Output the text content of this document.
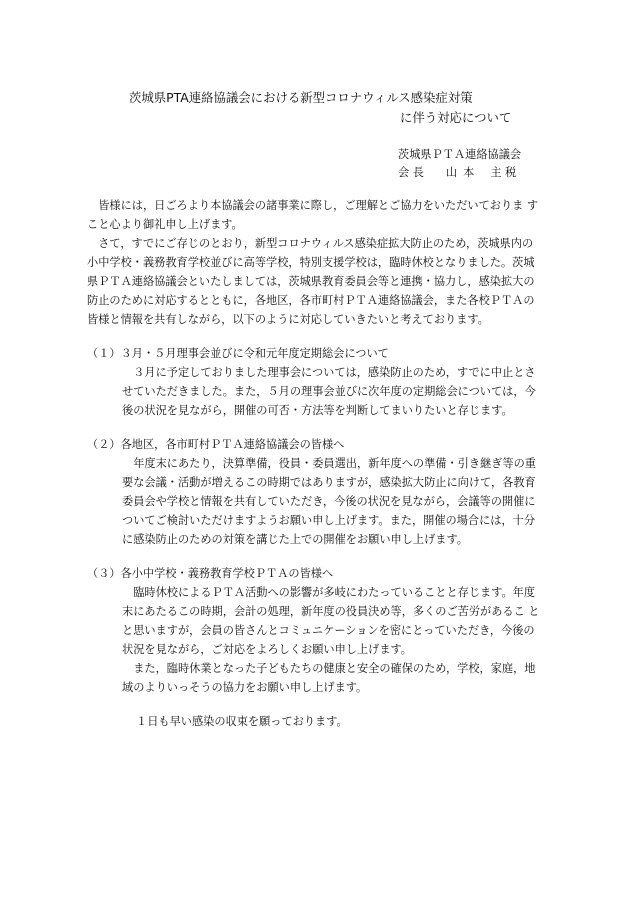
茨城県PTA連絡協議会における新型コロナウィルス感染症対策
に伴う対応について
茨城県ＰＴＡ連絡協議会
会 長 山本 主 税
　皆様には，日ごろより本協議会の諸事業に際し，ご理解とご協力をいただいておりま す
こと心より御礼申し上げます。
　さて，すでにご存じのとおり，新型コロナウィルス感染症拡大防止のため，茨城県内の
小中学校・義務教育学校並びに高等学校，特別支援学校は，臨時休校となりました。茨城
県ＰＴＡ連絡協議会といたしましては，茨城県教育委員会等と連携・協力し，感染拡大の
防止のために対応するとともに，各地区，各市町村ＰＴＡ連絡協議会，また各校ＰＴＡの
皆様と情報を共有しながら，以下のように対応していきたいと考えております。
（１）３月・５月理事会並びに令和元年度定期総会について
　３月に予定しておりました理事会については，感染防止のため，すでに中止とさ
せていただきました。また，５月の理事会並びに次年度の定期総会については，今
後の状況を見ながら，開催の可否・方法等を判断してまいりたいと存じます。
（２）各地区，各市町村ＰＴＡ連絡協議会の皆様へ
　年度末にあたり，決算準備，役員・委員選出，新年度への準備・引き継ぎ等の重
要な会議・活動が増えるこの時期ではありますが，感染拡大防止に向けて，各教育
委員会や学校と情報を共有していただき，今後の状況を見ながら，会議等の開催に
ついてご検討いただけますようお願い申し上げます。また，開催の場合には，十分
に感染防止のための対策を講じた上での開催をお願い申し上げます。
（３）各小中学校・義務教育学校ＰＴＡの皆様へ
　臨時休校によるＰＴＡ活動への影響が多岐にわたっていることと存じます。年度
末にあたるこの時期，会計の処理，新年度の役員決め等，多くのご苦労があるこ と
と思いますが，会員の皆さんとコミュニケーションを密にとっていただき，今後の
状況を見ながら，ご対応をよろしくお願い申し上げます。
　また，臨時休業となった子どもたちの健康と安全の確保のため，学校，家庭，地
域のよりいっそうの協力をお願い申し上げます。
１日も早い感染の収束を願っております。
